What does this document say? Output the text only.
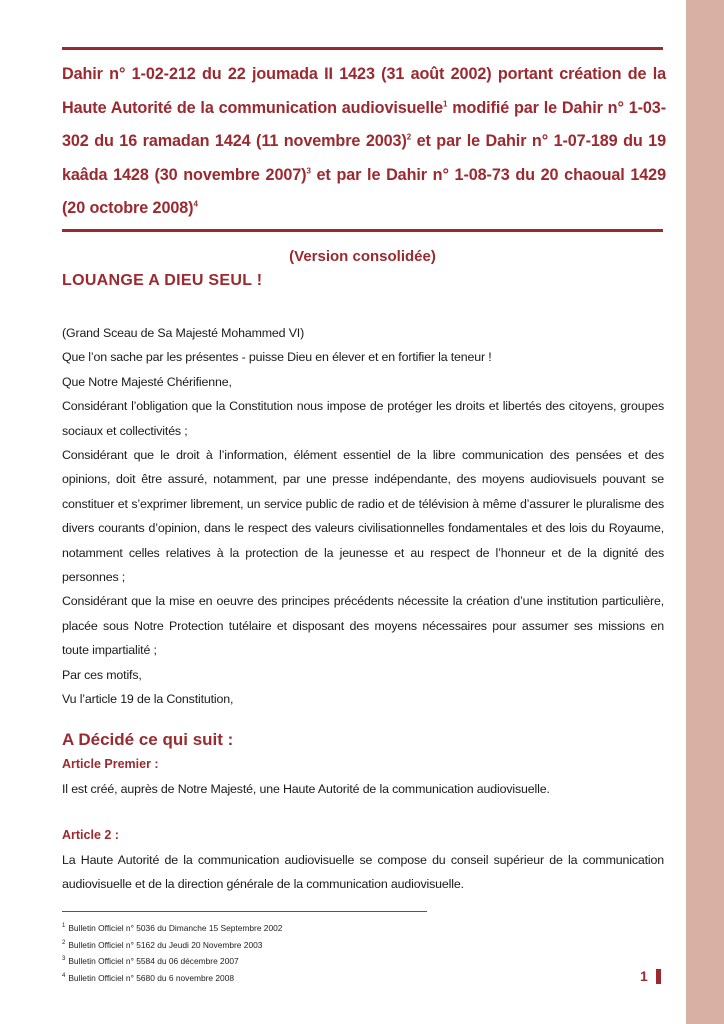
Dahir n° 1-02-212 du 22 joumada II 1423 (31 août 2002) portant création de la Haute Autorité de la communication audiovisuelle$^1$ modifié par le Dahir n° 1-03-302 du 16 ramadan 1424 (11 novembre 2003)$^2$ et par le Dahir n° 1-07-189 du 19 kaâda 1428 (30 novembre 2007)$^3$ et par le Dahir n° 1-08-73 du 20 chaoual 1429 (20 octobre 2008)$^4$
(Version consolidée)
LOUANGE A DIEU SEUL !

(Grand Sceau de Sa Majesté Mohammed VI)

Que l’on sache par les présentes - puisse Dieu en élever et en fortifier la teneur !

Que Notre Majesté Chérifienne,

Considérant l’obligation que la Constitution nous impose de protéger les droits et libertés des citoyens, groupes sociaux et collectivités ;

Considérant que le droit à l’information, élément essentiel de la libre communication des pensées et des opinions, doit être assuré, notamment, par une presse indépendante, des moyens audiovisuels pouvant se constituer et s’exprimer librement, un service public de radio et de télévision à même d’assurer le pluralisme des divers courants d’opinion, dans le respect des valeurs civilisationnelles fondamentales et des lois du Royaume, notamment celles relatives à la protection de la jeunesse et au respect de l’honneur et de la dignité des personnes ;

Considérant que la mise en oeuvre des principes précédents nécessite la création d’une institution particulière, placée sous Notre Protection tutélaire et disposant des moyens nécessaires pour assumer ses missions en toute impartialité ;

Par ces motifs,

Vu l’article 19 de la Constitution,

A Décidé ce qui suit :
Article Premier :

Il est créé, auprès de Notre Majesté, une Haute Autorité de la communication audiovisuelle.

Article 2 :

La Haute Autorité de la communication audiovisuelle se compose du conseil supérieur de la communication audiovisuelle et de la direction générale de la communication audiovisuelle.

$^1$ Bulletin Officiel n° 5036 du Dimanche 15 Septembre 2002
$^2$ Bulletin Officiel n° 5162 du Jeudi 20 Novembre 2003
$^3$ Bulletin Officiel n° 5584 du 06 décembre 2007
$^4$ Bulletin Officiel n° 5680 du 6 novembre 2008	1
